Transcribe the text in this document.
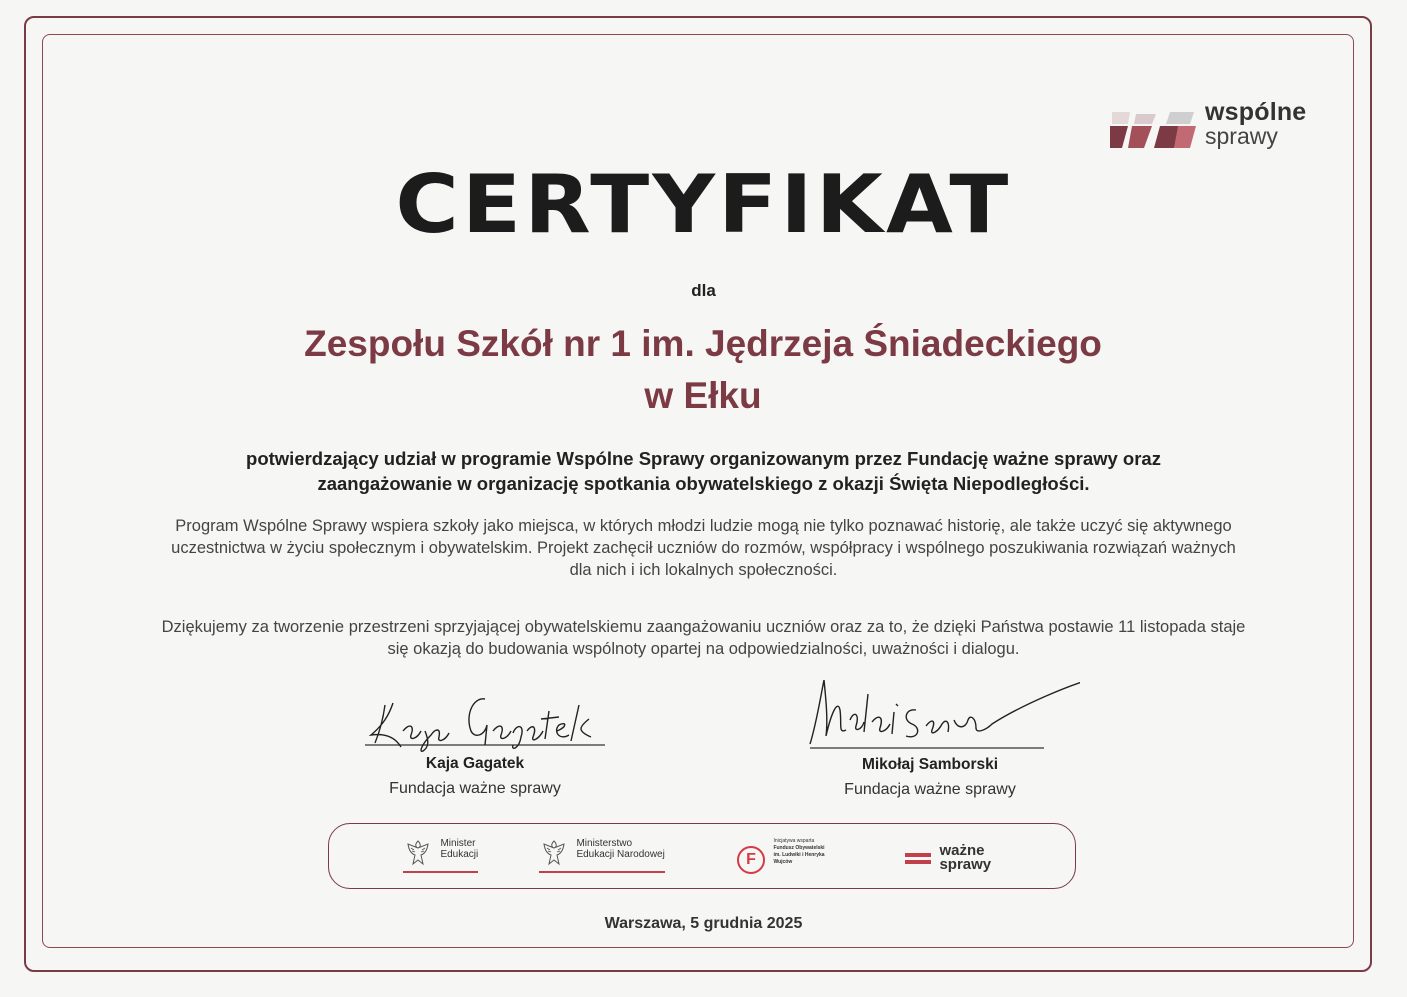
wspólne
sprawy
CERTYFIKAT
dla
Zespołu Szkół nr 1 im. Jędrzeja Śniadeckiego w Ełku
potwierdzający udział w programie Wspólne Sprawy organizowanym przez Fundację ważne sprawy oraz zaangażowanie w organizację spotkania obywatelskiego z okazji Święta Niepodległości.
Program Wspólne Sprawy wspiera szkoły jako miejsca, w których młodzi ludzie mogą nie tylko poznawać historię, ale także uczyć się aktywnego uczestnictwa w życiu społecznym i obywatelskim. Projekt zachęcił uczniów do rozmów, współpracy i wspólnego poszukiwania rozwiązań ważnych dla nich i ich lokalnych społeczności.
Dziękujemy za tworzenie przestrzeni sprzyjającej obywatelskiemu zaangażowaniu uczniów oraz za to, że dzięki Państwa postawie 11 listopada staje się okazją do budowania wspólnoty opartej na odpowiedzialności, uważności i dialogu.
Kaja Gagatek
Fundacja ważne sprawy
Mikołaj Samborski
Fundacja ważne sprawy

Minister
Edukacji

Ministerstwo
Edukacji Narodowej	F
Inicjatywa wsparta
Fundusz Obywatelski
im. Ludwiki i Henryka
Wujców

ważne
sprawy
Warszawa, 5 grudnia 2025
